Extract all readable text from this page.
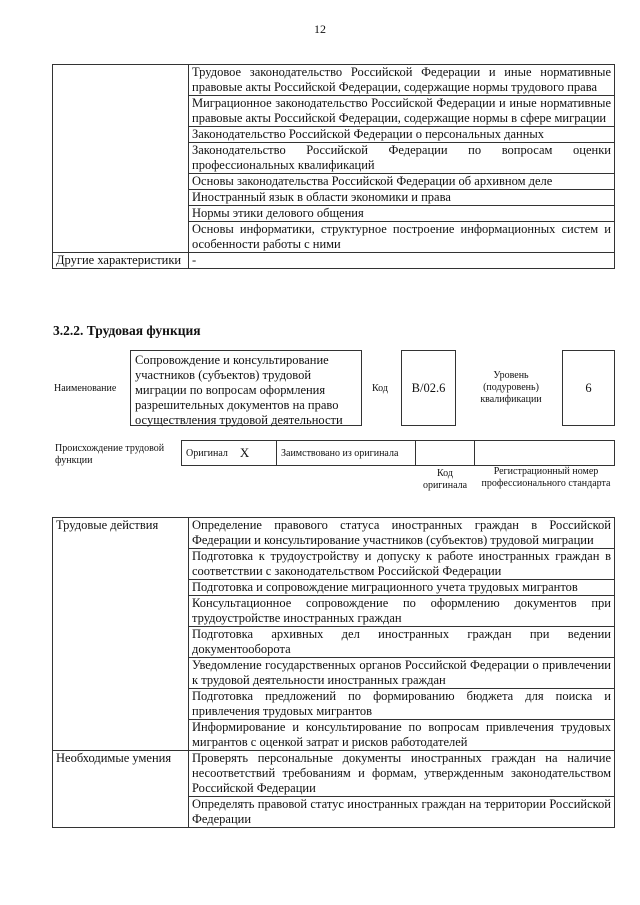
12
	Трудовое законодательство Российской Федерации и иные нормативные правовые акты Российской Федерации, содержащие нормы трудового права
	Миграционное законодательство Российской Федерации и иные нормативные правовые акты Российской Федерации, содержащие нормы в сфере миграции
	Законодательство Российской Федерации о персональных данных
	Законодательство Российской Федерации по вопросам оценки профессиональных квалификаций
	Основы законодательства Российской Федерации об архивном деле
	Иностранный язык в области экономики и права
	Нормы этики делового общения
	Основы информатики, структурное построение информационных систем и особенности работы с ними
Другие характеристики	-
3.2.2. Трудовая функция
Наименование
Сопровождение и консультирование участников (субъектов) трудовой миграции по вопросам оформления разрешительных документов на право осуществления трудовой деятельности
Код	В/02.6
Уровень (подуровень) квалификации
6
Происхождение трудовой функции
Оригинал X	Заимствовано из оригинала
Код оригинала
Регистрационный номер профессионального стандарта
Трудовые действия	Определение правового статуса иностранных граждан в Российской Федерации и консультирование участников (субъектов) трудовой миграции
	Подготовка к трудоустройству и допуску к работе иностранных граждан в соответствии с законодательством Российской Федерации
	Подготовка и сопровождение миграционного учета трудовых мигрантов
	Консультационное сопровождение по оформлению документов при трудоустройстве иностранных граждан
	Подготовка архивных дел иностранных граждан при ведении документооборота
	Уведомление государственных органов Российской Федерации о привлечении к трудовой деятельности иностранных граждан
	Подготовка предложений по формированию бюджета для поиска и привлечения трудовых мигрантов
	Информирование и консультирование по вопросам привлечения трудовых мигрантов с оценкой затрат и рисков работодателей
Необходимые умения	Проверять персональные документы иностранных граждан на наличие несоответствий требованиям и формам, утвержденным законодательством Российской Федерации
	Определять правовой статус иностранных граждан на территории Российской Федерации
